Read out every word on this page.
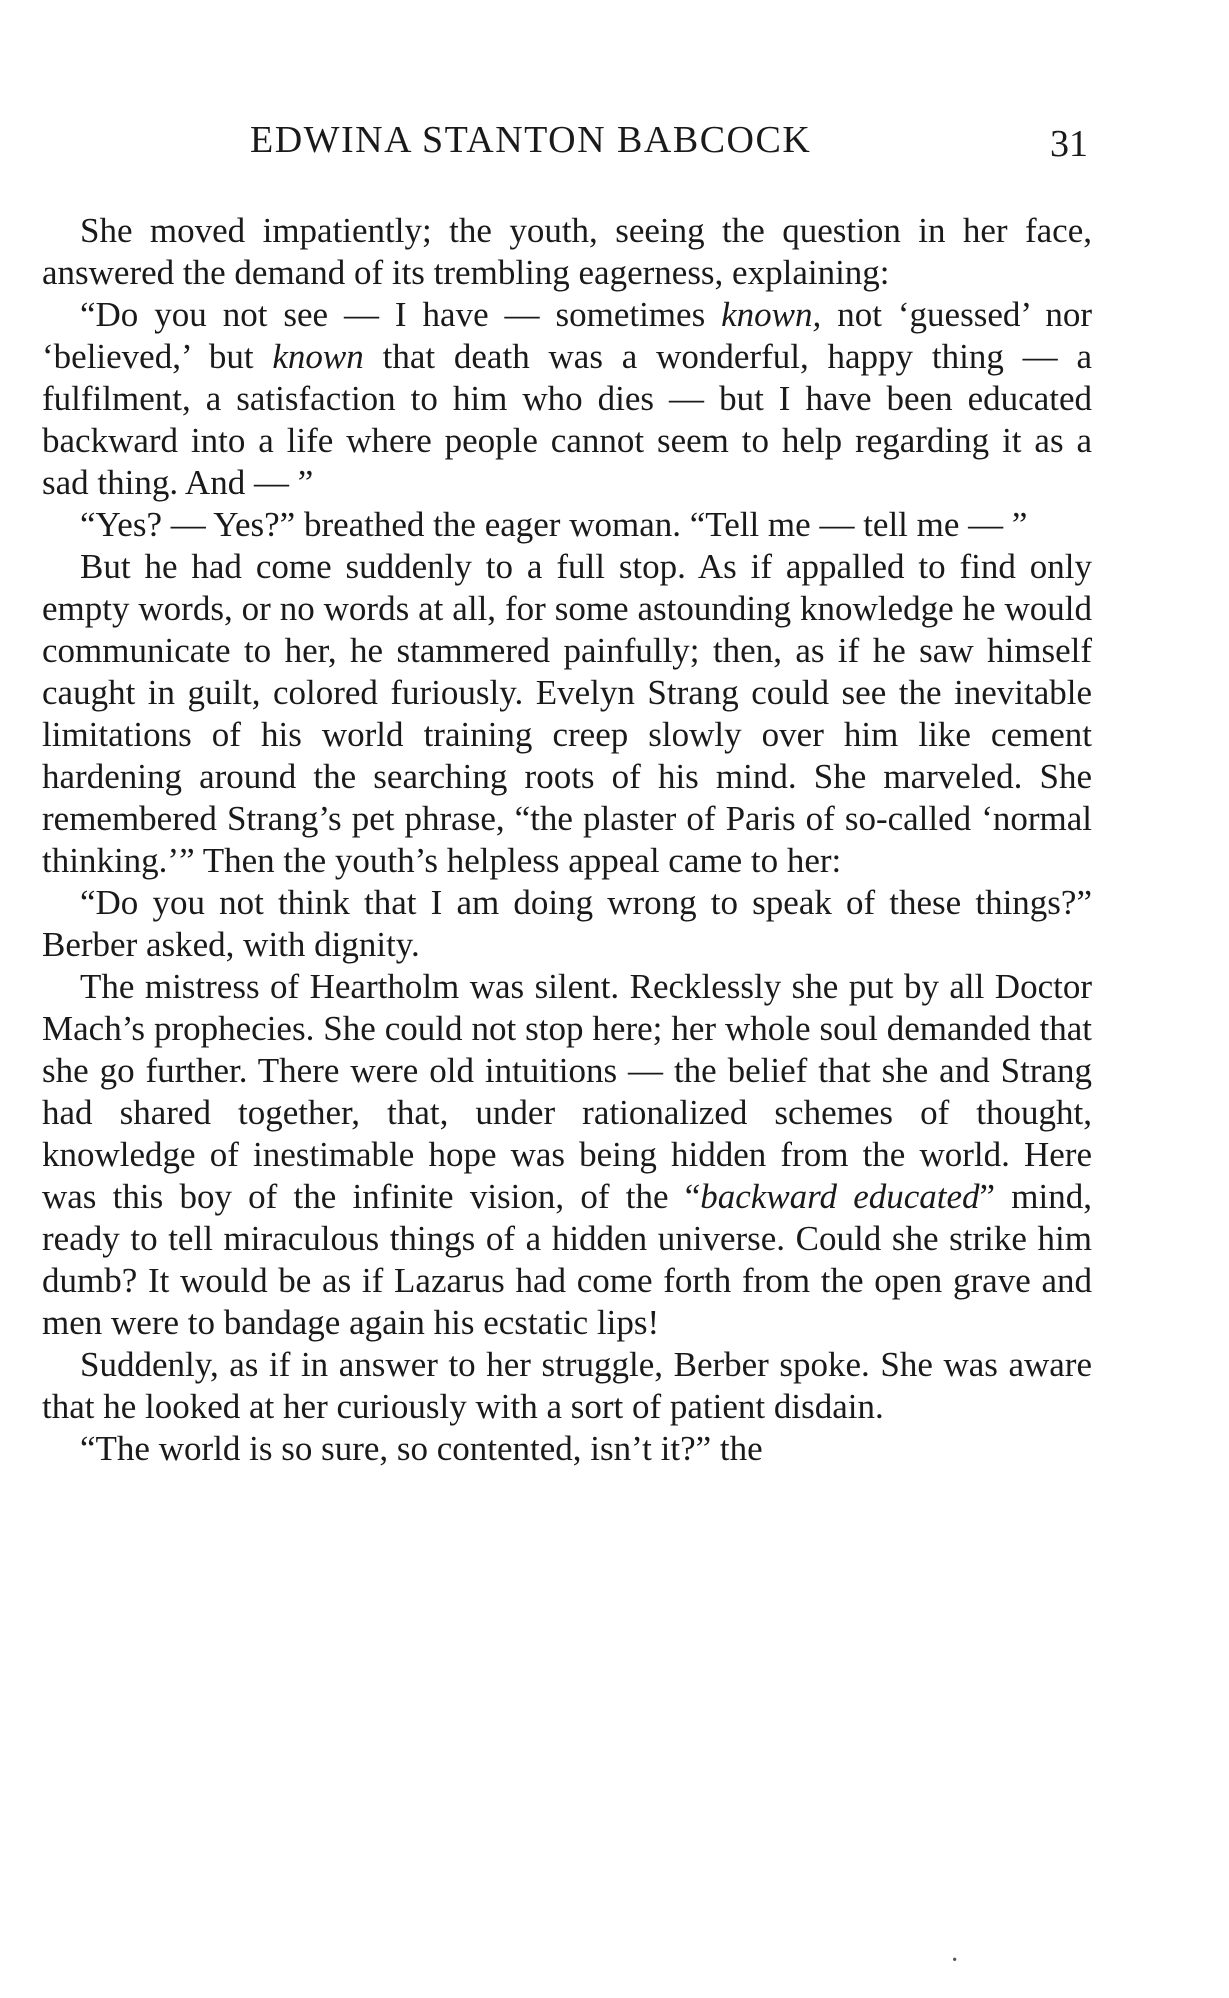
EDWINA STANTON BABCOCK	31

She moved impatiently; the youth, seeing the question in her face, answered the demand of its trembling eagerness, explaining:

“Do you not see — I have — sometimes known, not ‘guessed’ nor ‘believed,’ but known that death was a wonderful, happy thing — a fulfilment, a satisfaction to him who dies — but I have been educated backward into a life where people cannot seem to help regarding it as a sad thing. And — ”

“Yes? — Yes?” breathed the eager woman. “Tell me — tell me — ”

But he had come suddenly to a full stop. As if appalled to find only empty words, or no words at all, for some astounding knowledge he would communicate to her, he stammered painfully; then, as if he saw himself caught in guilt, colored furiously. Evelyn Strang could see the inevitable limitations of his world training creep slowly over him like cement hardening around the searching roots of his mind. She marveled. She remembered Strang’s pet phrase, “the plaster of Paris of so-called ‘normal thinking.’” Then the youth’s helpless appeal came to her:

“Do you not think that I am doing wrong to speak of these things?” Berber asked, with dignity.

The mistress of Heartholm was silent. Recklessly she put by all Doctor Mach’s prophecies. She could not stop here; her whole soul demanded that she go further. There were old intuitions — the belief that she and Strang had shared together, that, under rationalized schemes of thought, knowledge of inestimable hope was being hidden from the world. Here was this boy of the infinite vision, of the “backward educated” mind, ready to tell miraculous things of a hidden universe. Could she strike him dumb? It would be as if Lazarus had come forth from the open grave and men were to bandage again his ecstatic lips!

Suddenly, as if in answer to her struggle, Berber spoke. She was aware that he looked at her curiously with a sort of patient disdain.

“The world is so sure, so contented, isn’t it?” the

·
